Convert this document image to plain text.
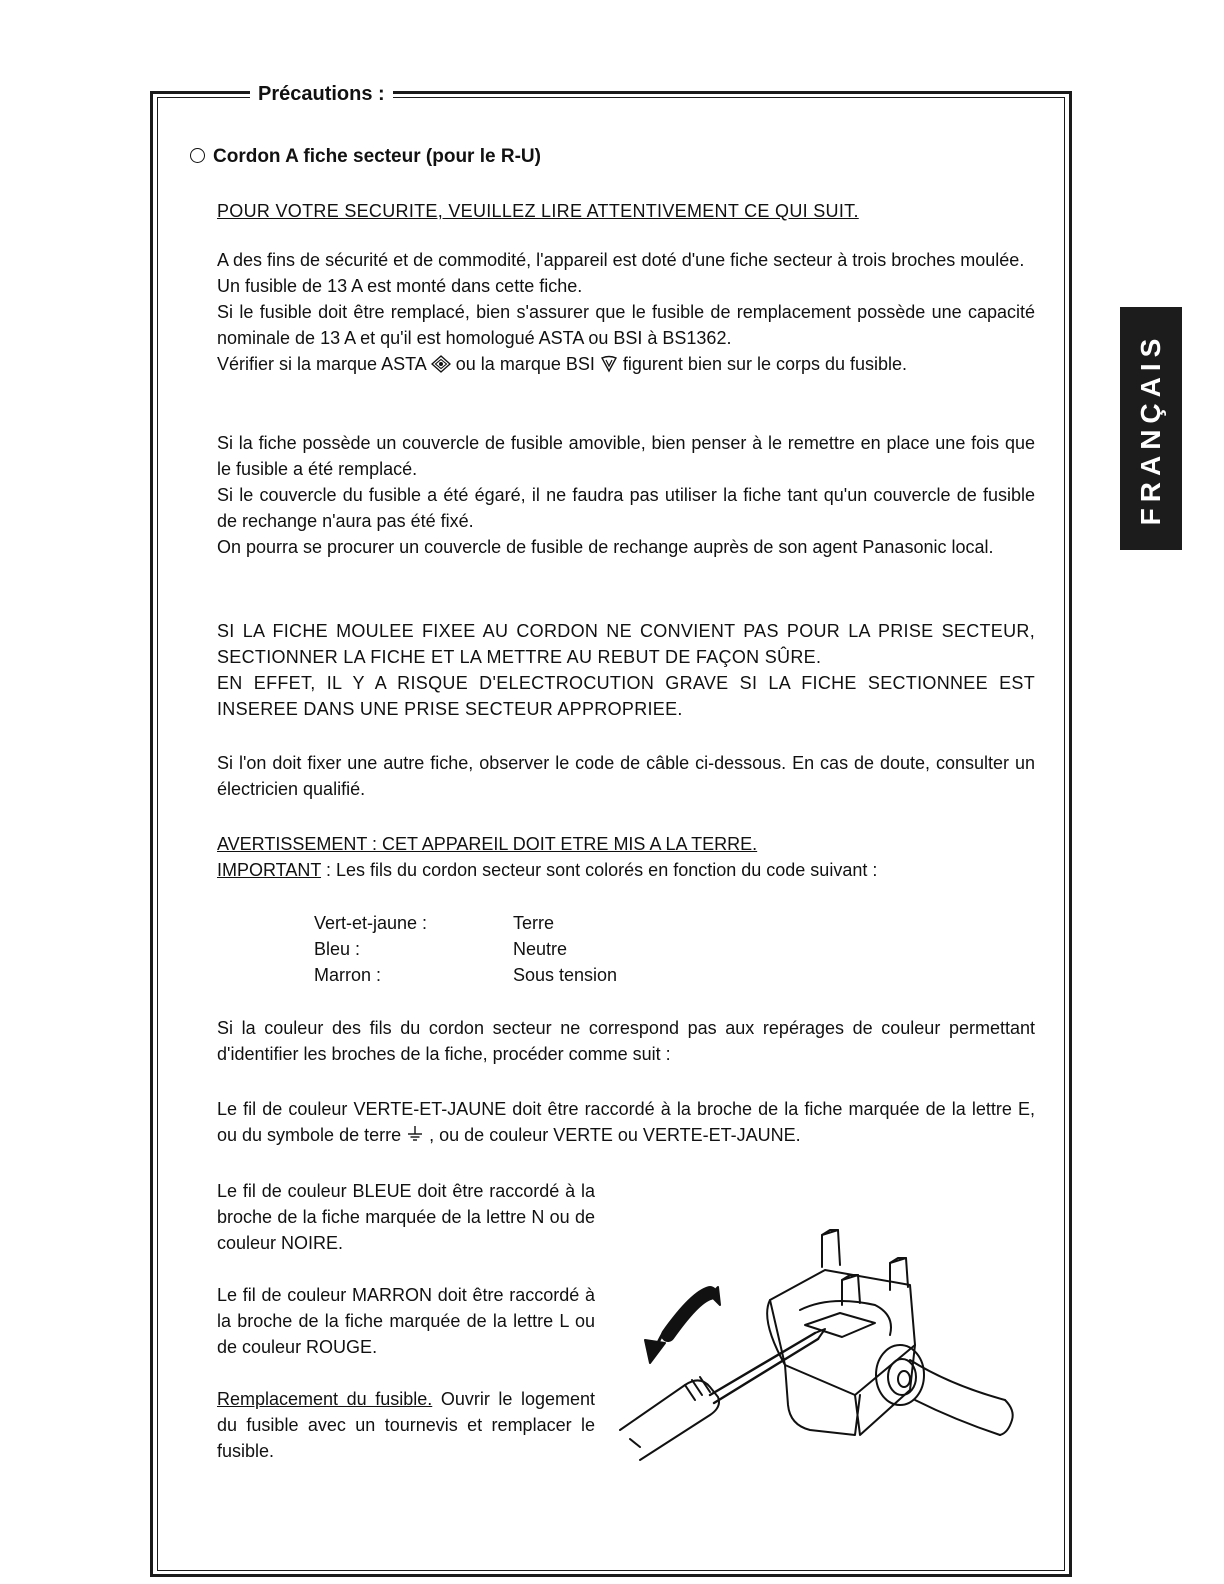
Précautions :
FRANÇAIS
Cordon A fiche secteur (pour le R-U)
POUR VOTRE SECURITE, VEUILLEZ LIRE ATTENTIVEMENT CE QUI SUIT.
A des fins de sécurité et de commodité, l'appareil est doté d'une fiche secteur à trois broches moulée.
Un fusible de 13 A est monté dans cette fiche.
Si le fusible doit être remplacé, bien s'assurer que le fusible de remplacement possède une capacité nominale de 13 A et qu'il est homologué ASTA ou BSI à BS1362.
Vérifier si la marque ASTA ou la marque BSI figurent bien sur le corps du fusible.
Si la fiche possède un couvercle de fusible amovible, bien penser à le remettre en place une fois que le fusible a été remplacé.
Si le couvercle du fusible a été égaré, il ne faudra pas utiliser la fiche tant qu'un couvercle de fusible de rechange n'aura pas été fixé.
On pourra se procurer un couvercle de fusible de rechange auprès de son agent Panasonic local.
SI LA FICHE MOULEE FIXEE AU CORDON NE CONVIENT PAS POUR LA PRISE SECTEUR, SECTIONNER LA FICHE ET LA METTRE AU REBUT DE FAÇON SÛRE.
EN EFFET, IL Y A RISQUE D'ELECTROCUTION GRAVE SI LA FICHE SECTIONNEE EST INSEREE DANS UNE PRISE SECTEUR APPROPRIEE.
Si l'on doit fixer une autre fiche, observer le code de câble ci-dessous. En cas de doute, consulter un électricien qualifié.
AVERTISSEMENT : CET APPAREIL DOIT ETRE MIS A LA TERRE.
IMPORTANT : Les fils du cordon secteur sont colorés en fonction du code suivant :
Vert-et-jaune :	Terre
Bleu :	Neutre
Marron :	Sous tension
Si la couleur des fils du cordon secteur ne correspond pas aux repérages de couleur permettant d'identifier les broches de la fiche, procéder comme suit :
Le fil de couleur VERTE-ET-JAUNE doit être raccordé à la broche de la fiche marquée de la lettre E, ou du symbole de terre , ou de couleur VERTE ou VERTE-ET-JAUNE.
Le fil de couleur BLEUE doit être raccordé à la broche de la fiche marquée de la lettre N ou de couleur NOIRE.
Le fil de couleur MARRON doit être raccordé à la broche de la fiche marquée de la lettre L ou de couleur ROUGE.
Remplacement du fusible. Ouvrir le logement du fusible avec un tournevis et remplacer le fusible.
